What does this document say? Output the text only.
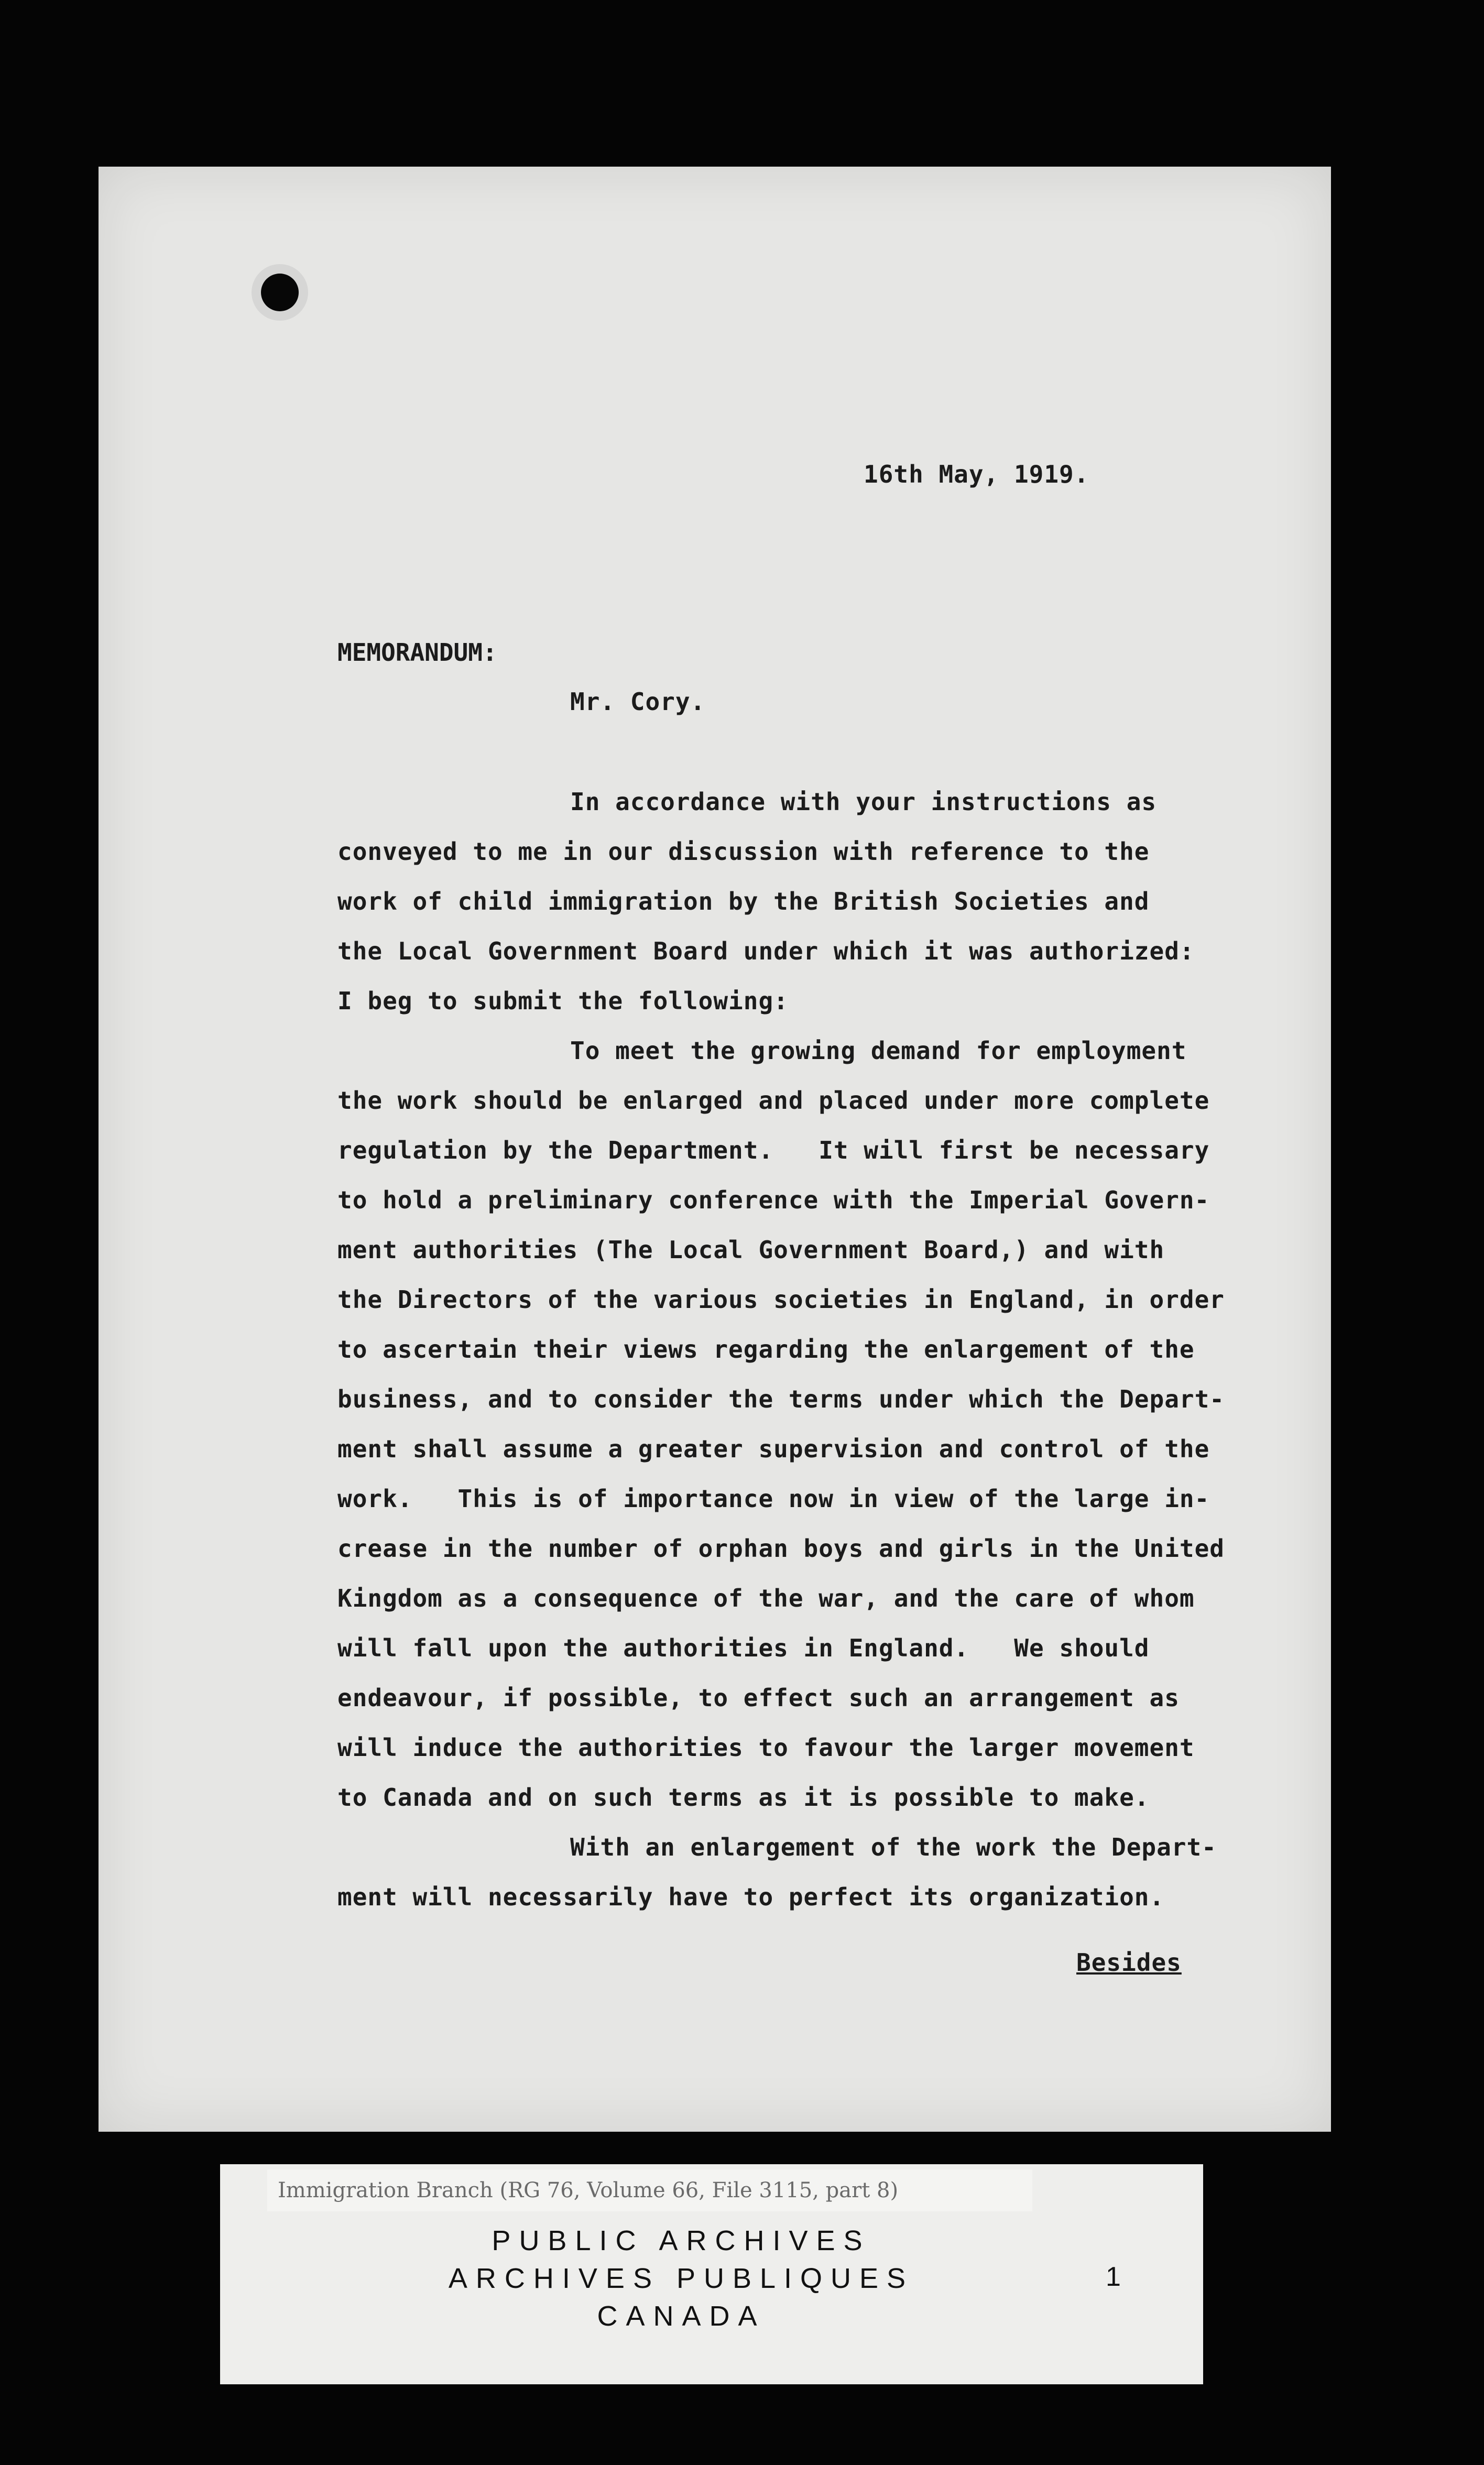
16th May, 1919.
MEMORANDUM:
Mr. Cory.
In accordance with your instructions as
conveyed to me in our discussion with reference to the
work of child immigration by the British Societies and
the Local Government Board under which it was authorized:
I beg to submit the following:
To meet the growing demand for employment
the work should be enlarged and placed under more complete
regulation by the Department.   It will first be necessary
to hold a preliminary conference with the Imperial Govern-
ment authorities (The Local Government Board,) and with
the Directors of the various societies in England, in order
to ascertain their views regarding the enlargement of the
business, and to consider the terms under which the Depart-
ment shall assume a greater supervision and control of the
work.   This is of importance now in view of the large in-
crease in the number of orphan boys and girls in the United
Kingdom as a consequence of the war, and the care of whom
will fall upon the authorities in England.   We should
endeavour, if possible, to effect such an arrangement as
will induce the authorities to favour the larger movement
to Canada and on such terms as it is possible to make.
With an enlargement of the work the Depart-
ment will necessarily have to perfect its organization.
Besides
Immigration Branch (RG 76, Volume 66, File 3115, part 8)
PUBLIC ARCHIVES
ARCHIVES PUBLIQUES
CANADA
1
